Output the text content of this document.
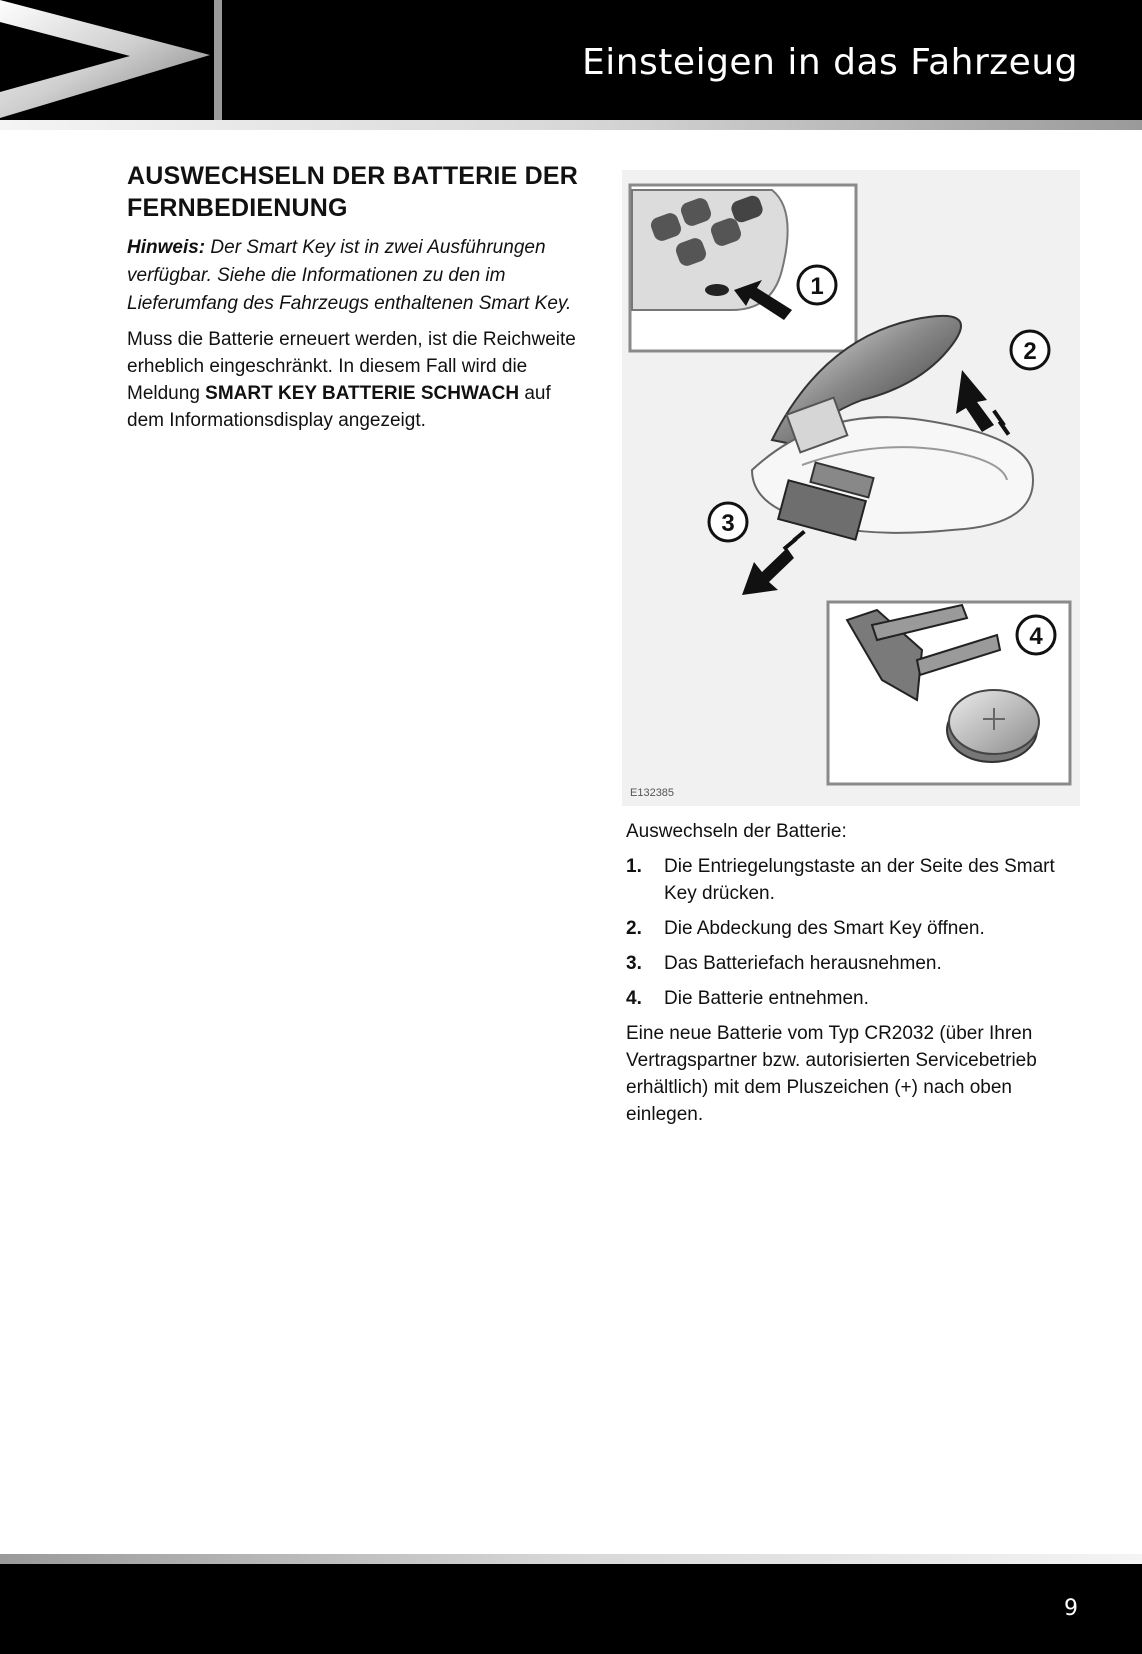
Einsteigen in das Fahrzeug
AUSWECHSELN DER BATTERIE DER FERNBEDIENUNG

Hinweis: Der Smart Key ist in zwei Ausführungen verfügbar. Siehe die Informationen zu den im Lieferumfang des Fahrzeugs enthaltenen Smart Key.

Muss die Batterie erneuert werden, ist die Reichweite erheblich eingeschränkt. In diesem Fall wird die Meldung SMART KEY BATTERIE SCHWACH auf dem Informationsdisplay angezeigt.

1
2
3
4
E132385

Auswechseln der Batterie:

1. Die Entriegelungstaste an der Seite des Smart Key drücken.
2. Die Abdeckung des Smart Key öffnen.
3. Das Batteriefach herausnehmen.
4. Die Batterie entnehmen.

Eine neue Batterie vom Typ CR2032 (über Ihren Vertragspartner bzw. autorisierten Servicebetrieb erhältlich) mit dem Pluszeichen (+) nach oben einlegen.

9
